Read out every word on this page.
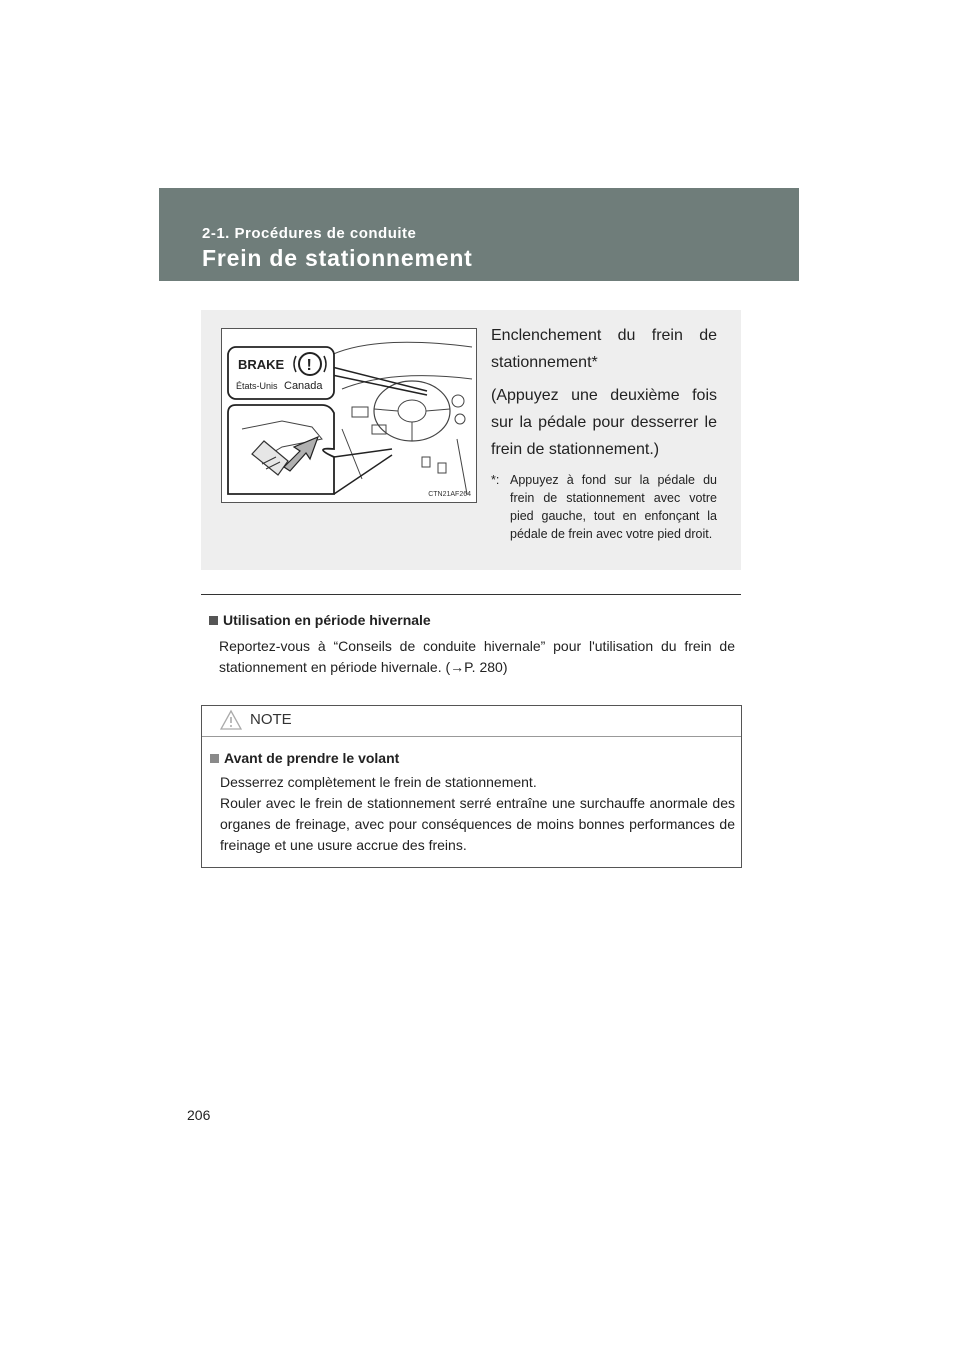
2-1. Procédures de conduite
Frein de stationnement
BRAKE !
États-Unis Canada
CTN21AF264

Enclenchement du frein de stationnement*

(Appuyez une deuxième fois sur la pédale pour desserrer le frein de stationnement.)

*: Appuyez à fond sur la pédale du frein de stationnement avec votre pied gauche, tout en enfonçant la pédale de frein avec votre pied droit.
Utilisation en période hivernale
Reportez-vous à “Conseils de conduite hivernale” pour l'utilisation du frein de stationnement en période hivernale. (→P. 280)
NOTE
Avant de prendre le volant
Desserrez complètement le frein de stationnement.
Rouler avec le frein de stationnement serré entraîne une surchauffe anormale des organes de freinage, avec pour conséquences de moins bonnes performances de freinage et une usure accrue des freins.
206
